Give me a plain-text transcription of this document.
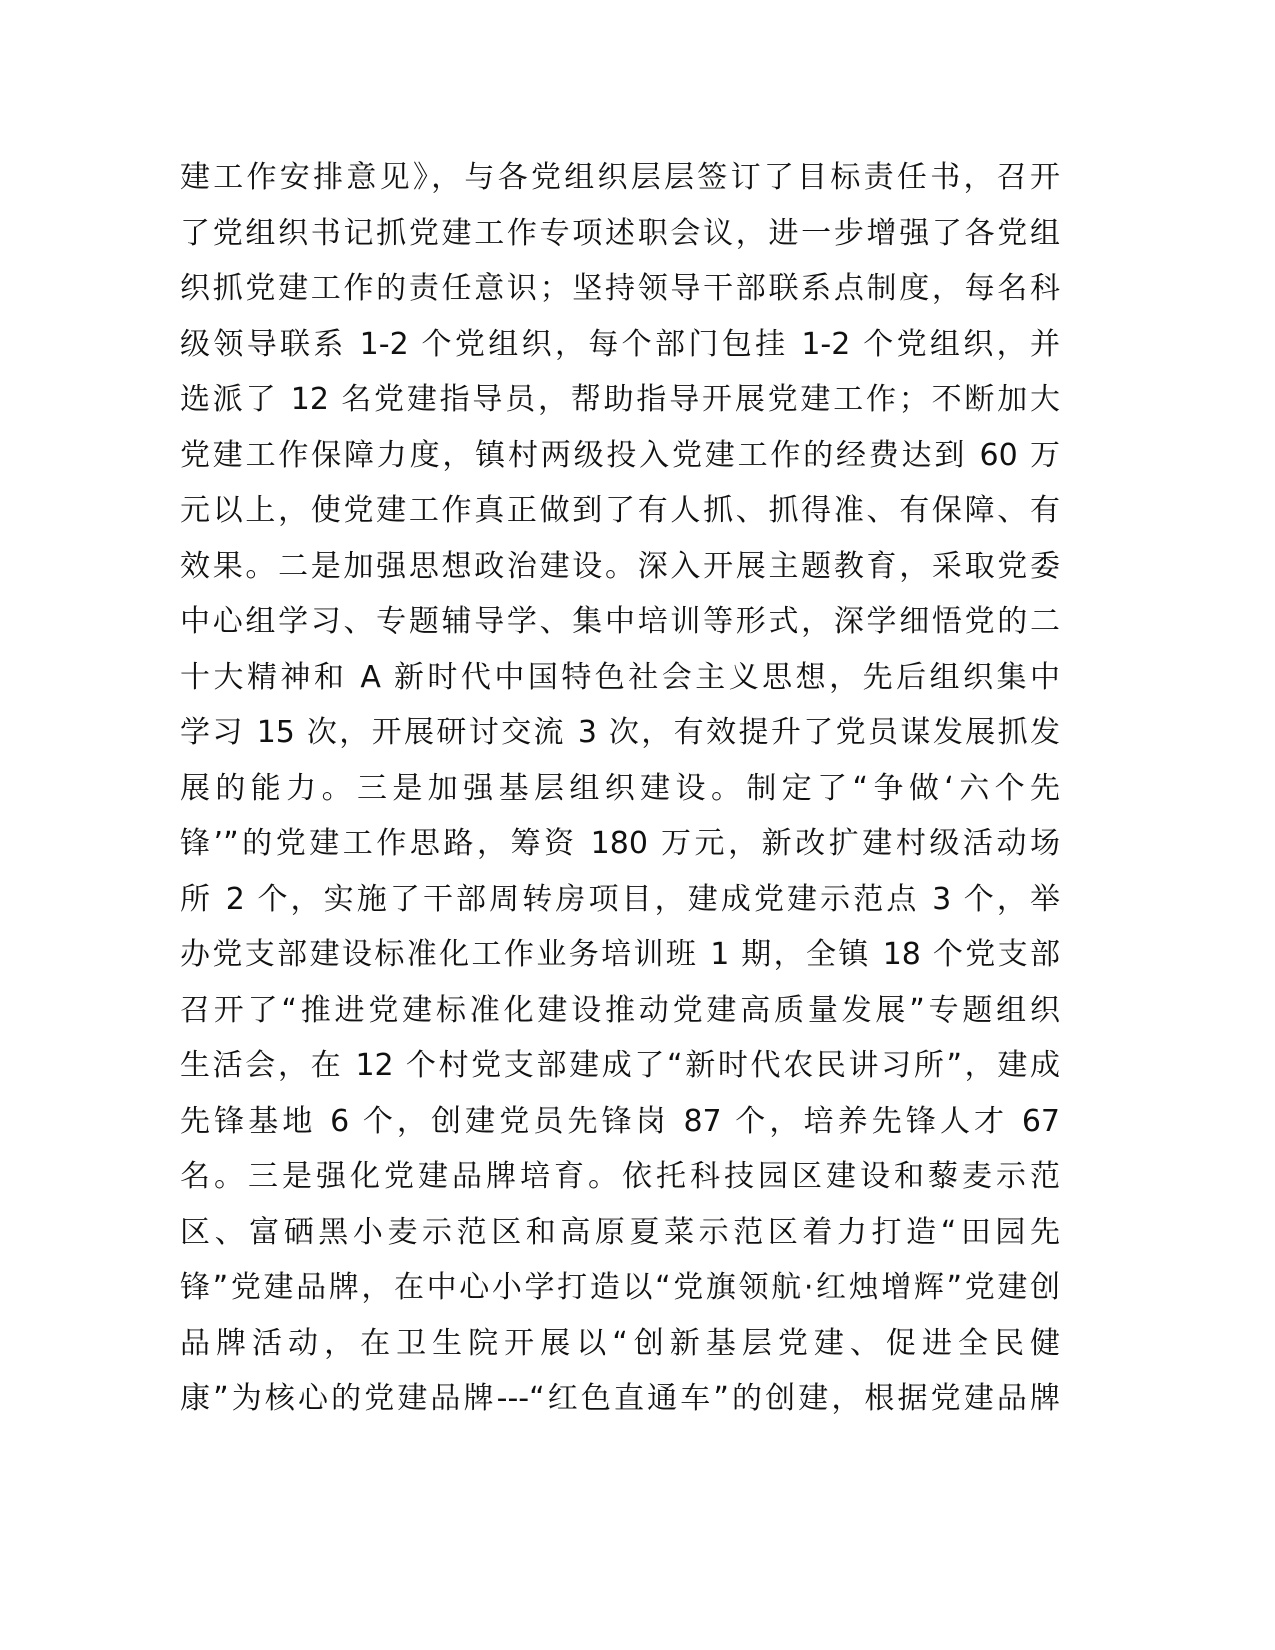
建工作安排意见》，与各党组织层层签订了目标责任书，召开
了党组织书记抓党建工作专项述职会议，进一步增强了各党组
织抓党建工作的责任意识；坚持领导干部联系点制度，每名科
级领导联系 1-2 个党组织，每个部门包挂 1-2 个党组织，并
选派了 12 名党建指导员，帮助指导开展党建工作；不断加大
党建工作保障力度，镇村两级投入党建工作的经费达到 60 万
元以上，使党建工作真正做到了有人抓、抓得准、有保障、有
效果。二是加强思想政治建设。深入开展主题教育，采取党委
中心组学习、专题辅导学、集中培训等形式，深学细悟党的二
十大精神和 A 新时代中国特色社会主义思想，先后组织集中
学习 15 次，开展研讨交流 3 次，有效提升了党员谋发展抓发
展的能力。三是加强基层组织建设。制定了“争做‘六个先
锋’”的党建工作思路，筹资 180 万元，新改扩建村级活动场
所 2 个，实施了干部周转房项目，建成党建示范点 3 个，举
办党支部建设标准化工作业务培训班 1 期，全镇 18 个党支部
召开了“推进党建标准化建设推动党建高质量发展”专题组织
生活会，在 12 个村党支部建成了“新时代农民讲习所”，建成
先锋基地 6 个，创建党员先锋岗 87 个，培养先锋人才 67
名。三是强化党建品牌培育。依托科技园区建设和藜麦示范
区、富硒黑小麦示范区和高原夏菜示范区着力打造“田园先
锋”党建品牌，在中心小学打造以“党旗领航·红烛增辉”党建创
品牌活动，在卫生院开展以“创新基层党建、促进全民健
康”为核心的党建品牌---“红色直通车”的创建，根据党建品牌
